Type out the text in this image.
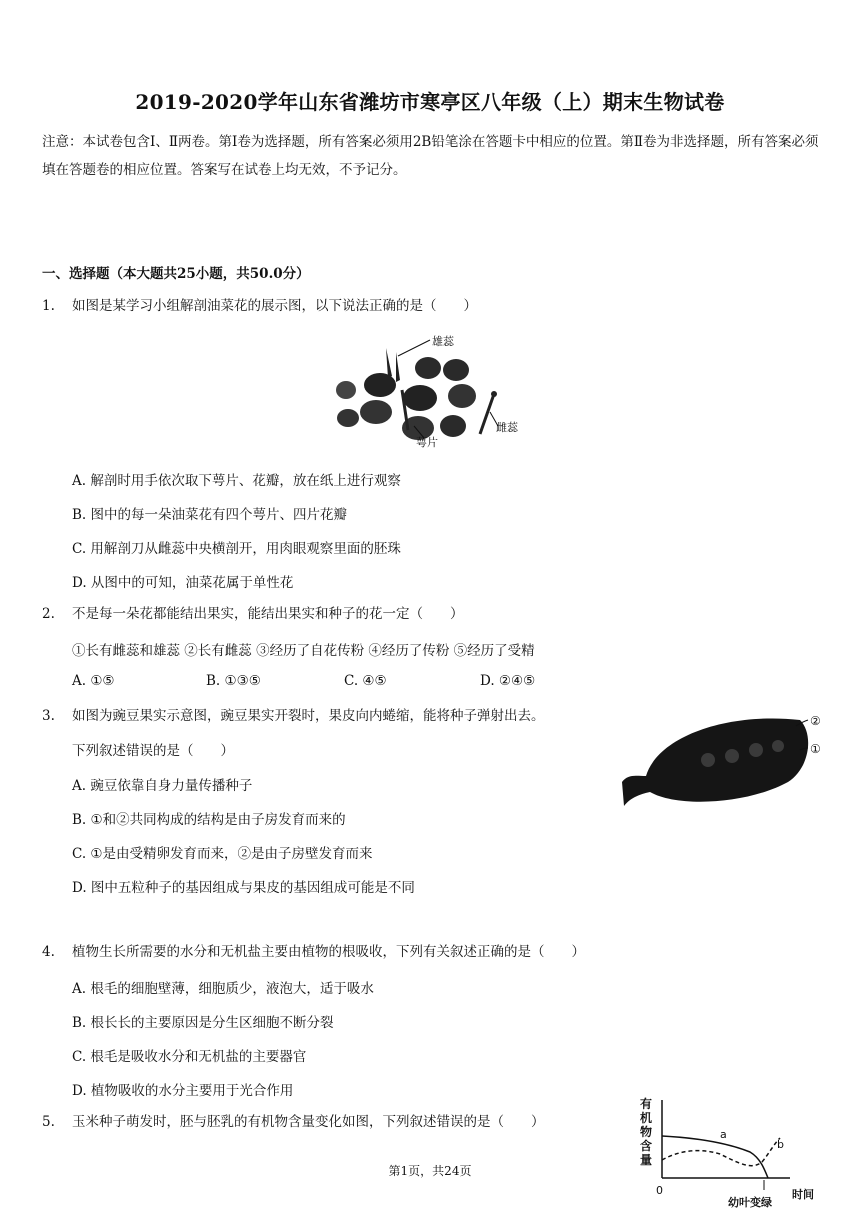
2019-2020学年山东省潍坊市寒亭区八年级（上）期末生物试卷
注意：本试卷包含Ⅰ、Ⅱ两卷。第Ⅰ卷为选择题，所有答案必须用2B铅笔涂在答题卡中相应的位置。第Ⅱ卷为非选择题，所有答案必须填在答题卷的相应位置。答案写在试卷上均无效，不予记分。
一、选择题（本大题共25小题，共50.0分）
1. 如图是某学习小组解剖油菜花的展示图，以下说法正确的是（　　）
雄蕊
雌蕊
萼片
A. 解剖时用手依次取下萼片、花瓣，放在纸上进行观察
B. 图中的每一朵油菜花有四个萼片、四片花瓣
C. 用解剖刀从雌蕊中央横剖开，用肉眼观察里面的胚珠
D. 从图中的可知，油菜花属于单性花
2. 不是每一朵花都能结出果实，能结出果实和种子的花一定（　　）
①长有雌蕊和雄蕊 ②长有雌蕊 ③经历了自花传粉 ④经历了传粉 ⑤经历了受精
A. ①⑤	B. ①③⑤	C. ④⑤	D. ②④⑤
3. 如图为豌豆果实示意图，豌豆果实开裂时，果皮向内蜷缩，能将种子弹射出去。
下列叙述错误的是（　　）
②
①
A. 豌豆依靠自身力量传播种子
B. ①和②共同构成的结构是由子房发育而来的
C. ①是由受精卵发育而来，②是由子房壁发育而来
D. 图中五粒种子的基因组成与果皮的基因组成可能是不同
4. 植物生长所需要的水分和无机盐主要由植物的根吸收，下列有关叙述正确的是（　　）
A. 根毛的细胞壁薄，细胞质少，液泡大，适于吸水
B. 根长长的主要原因是分生区细胞不断分裂
C. 根毛是吸收水分和无机盐的主要器官
D. 植物吸收的水分主要用于光合作用
5. 玉米种子萌发时，胚与胚乳的有机物含量变化如图，下列叙述错误的是（　　）
有
机
物
含
量
0
a
b
幼叶变绿
时间
第1页，共24页
